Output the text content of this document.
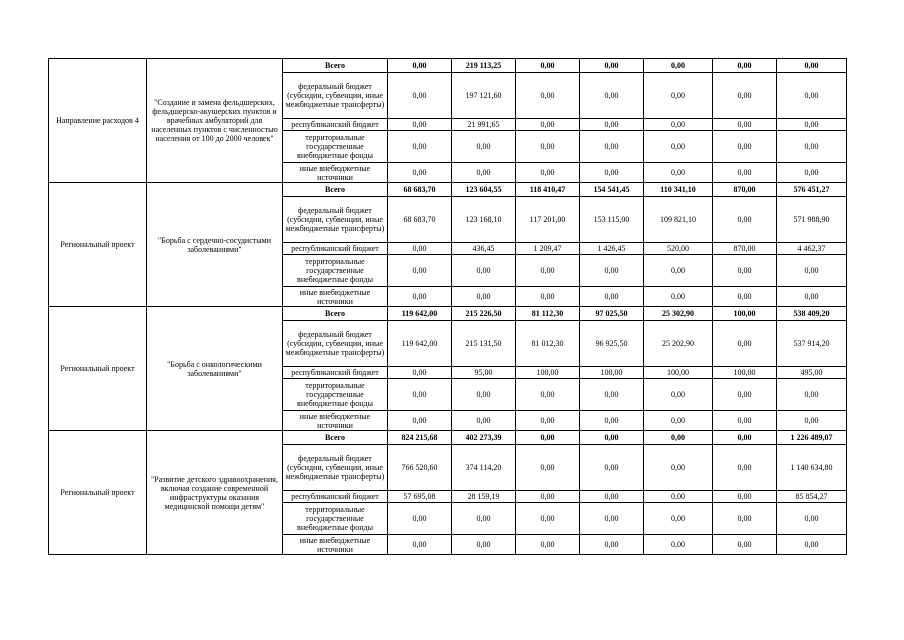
Направление расходов 4	"Создание и замена фельдшерских, фельдшерско-акушерских пунктов и врачебных амбулаторий для населенных пунктов с численностью населения от 100 до 2000 человек"	Всего	0,00	219 113,25	0,00	0,00	0,00	0,00	0,00
		федеральный бюджет (субсидии, субвенции, иные межбюджетные трансферты)	0,00	197 121,60	0,00	0,00	0,00	0,00	0,00
		республиканский бюджет	0,00	21 991,65	0,00	0,00	0,00	0,00	0,00
		территориальные государственные внебюджетные фонды	0,00	0,00	0,00	0,00	0,00	0,00	0,00
		иные внебюджетные источники	0,00	0,00	0,00	0,00	0,00	0,00	0,00
Региональный проект	"Борьба с сердечно-сосудистыми заболеваниями"	Всего	68 683,70	123 604,55	118 410,47	154 541,45	110 341,10	870,00	576 451,27
		федеральный бюджет (субсидии, субвенции, иные межбюджетные трансферты)	68 683,70	123 168,10	117 201,00	153 115,00	109 821,10	0,00	571 988,90
		республиканский бюджет	0,00	436,45	1 209,47	1 426,45	520,00	870,00	4 462,37
		территориальные государственные внебюджетные фонды	0,00	0,00	0,00	0,00	0,00	0,00	0,00
		иные внебюджетные источники	0,00	0,00	0,00	0,00	0,00	0,00	0,00
Региональный проект	"Борьба с онкологическими заболеваниями"	Всего	119 642,00	215 226,50	81 112,30	97 025,50	25 302,90	100,00	538 409,20
		федеральный бюджет (субсидии, субвенции, иные межбюджетные трансферты)	119 642,00	215 131,50	81 012,30	96 925,50	25 202,90	0,00	537 914,20
		республиканский бюджет	0,00	95,00	100,00	100,00	100,00	100,00	495,00
		территориальные государственные внебюджетные фонды	0,00	0,00	0,00	0,00	0,00	0,00	0,00
		иные внебюджетные источники	0,00	0,00	0,00	0,00	0,00	0,00	0,00
Региональный проект	"Развитие детского здравоохранения, включая создание современной инфраструктуры оказания медицинской помощи детям"	Всего	824 215,68	402 273,39	0,00	0,00	0,00	0,00	1 226 489,07
		федеральный бюджет (субсидии, субвенции, иные межбюджетные трансферты)	766 520,60	374 114,20	0,00	0,00	0,00	0,00	1 140 634,80
		республиканский бюджет	57 695,08	28 159,19	0,00	0,00	0,00	0,00	85 854,27
		территориальные государственные внебюджетные фонды	0,00	0,00	0,00	0,00	0,00	0,00	0,00
		иные внебюджетные источники	0,00	0,00	0,00	0,00	0,00	0,00	0,00
